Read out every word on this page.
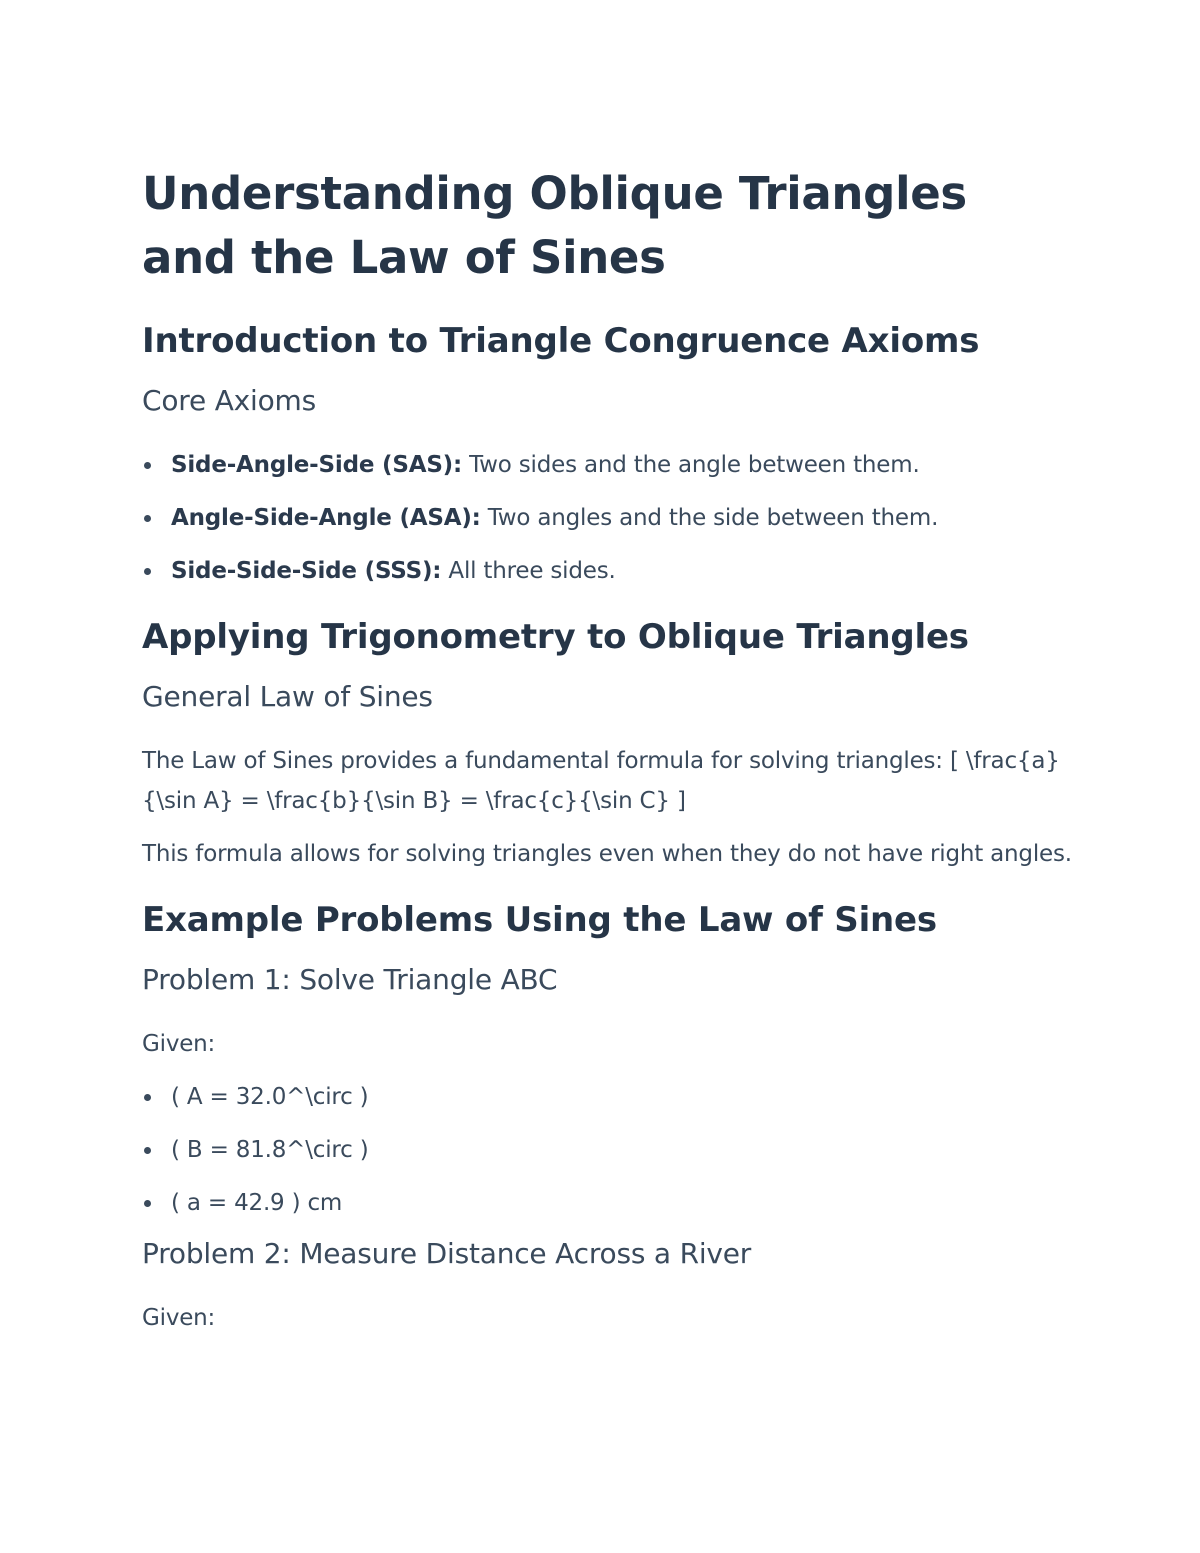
Understanding Oblique Triangles and the Law of Sines
Introduction to Triangle Congruence Axioms
Core Axioms
Side-Angle-Side (SAS): Two sides and the angle between them.
Angle-Side-Angle (ASA): Two angles and the side between them.
Side-Side-Side (SSS): All three sides.
Applying Trigonometry to Oblique Triangles
General Law of Sines

The Law of Sines provides a fundamental formula for solving triangles: [ \frac{a}{\sin A} = \frac{b}{\sin B} = \frac{c}{\sin C} ]

This formula allows for solving triangles even when they do not have right angles.

Example Problems Using the Law of Sines
Problem 1: Solve Triangle ABC

Given:

( A = 32.0^\circ )
( B = 81.8^\circ )
( a = 42.9 ) cm
Problem 2: Measure Distance Across a River

Given:
